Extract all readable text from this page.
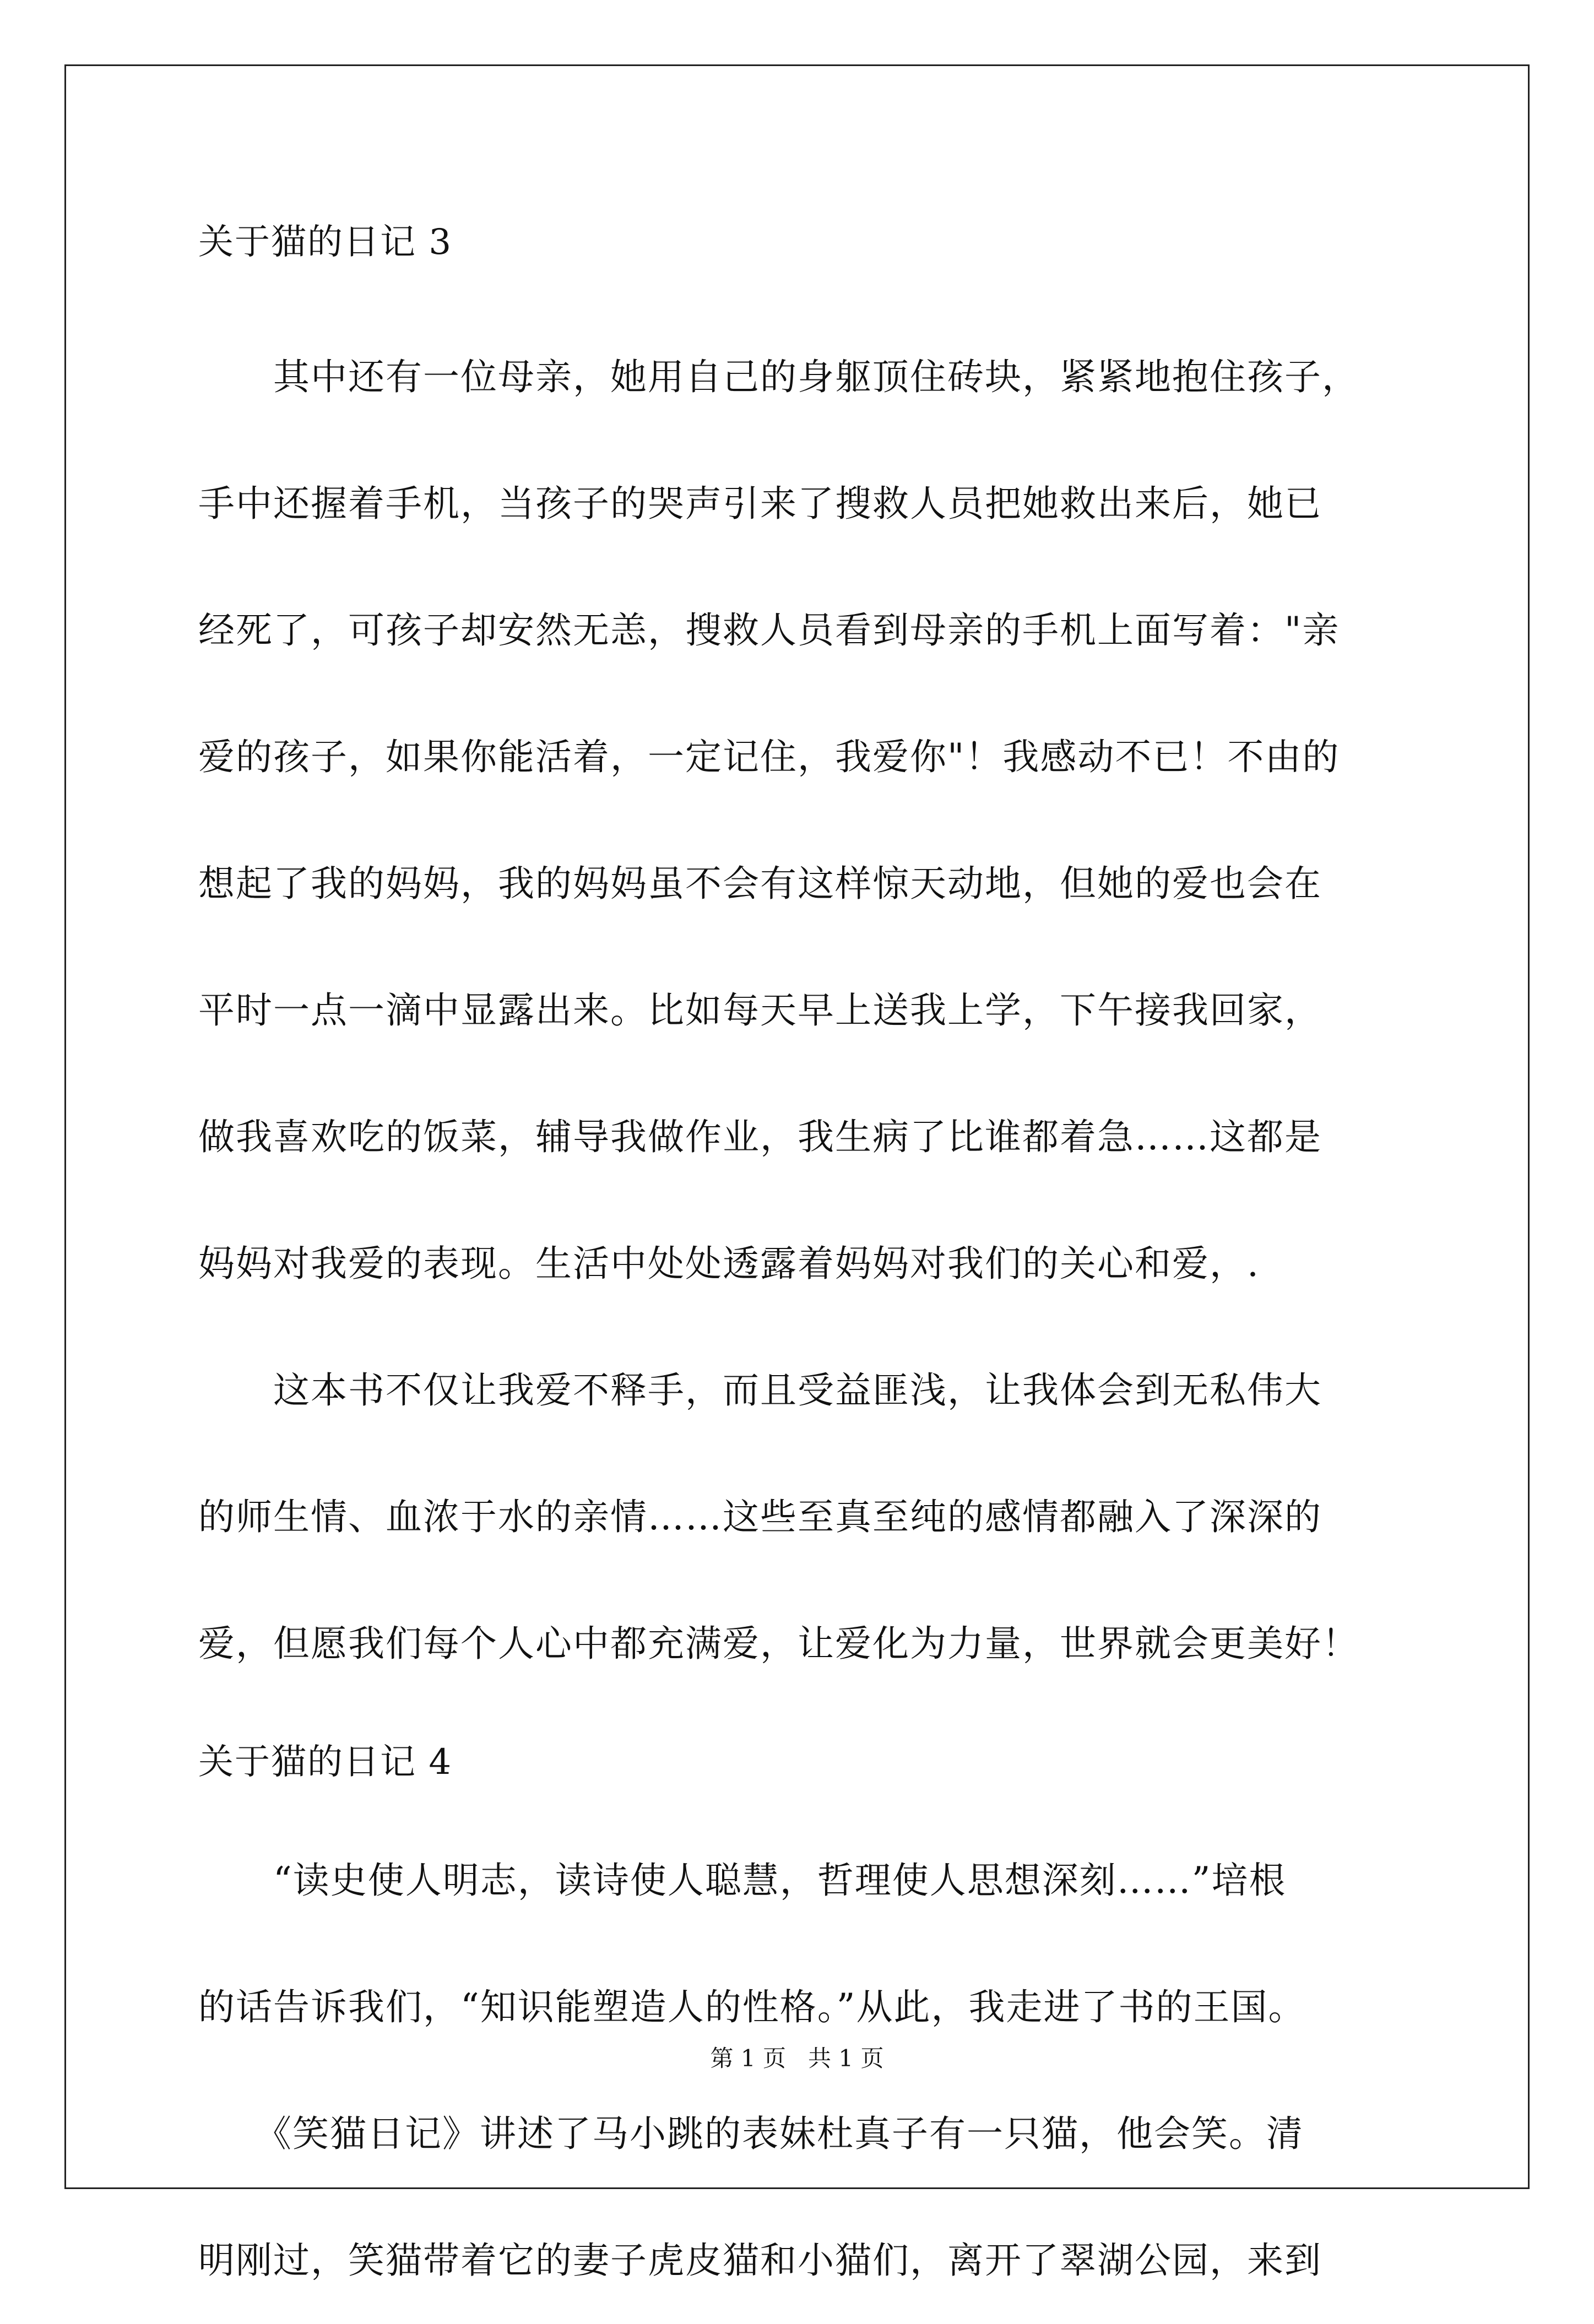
关于猫的日记 3
　　其中还有一位母亲，她用自己的身躯顶住砖块，紧紧地抱住孩子，
手中还握着手机，当孩子的哭声引来了搜救人员把她救出来后，她已
经死了，可孩子却安然无恙，搜救人员看到母亲的手机上面写着："亲
爱的孩子，如果你能活着，一定记住，我爱你"！我感动不已！不由的
想起了我的妈妈，我的妈妈虽不会有这样惊天动地，但她的爱也会在
平时一点一滴中显露出来。比如每天早上送我上学，下午接我回家，
做我喜欢吃的饭菜，辅导我做作业，我生病了比谁都着急……这都是
妈妈对我爱的表现。生活中处处透露着妈妈对我们的关心和爱，.
　　这本书不仅让我爱不释手，而且受益匪浅，让我体会到无私伟大
的师生情、血浓于水的亲情……这些至真至纯的感情都融入了深深的
爱，但愿我们每个人心中都充满爱，让爱化为力量，世界就会更美好！
关于猫的日记 4
　　“读史使人明志，读诗使人聪慧，哲理使人思想深刻……”培根
的话告诉我们，“知识能塑造人的性格。”从此，我走进了书的王国。
　　《笑猫日记》讲述了马小跳的表妹杜真子有一只猫，他会笑。清
明刚过，笑猫带着它的妻子虎皮猫和小猫们，离开了翠湖公园，来到
第 1 页   共 1 页
